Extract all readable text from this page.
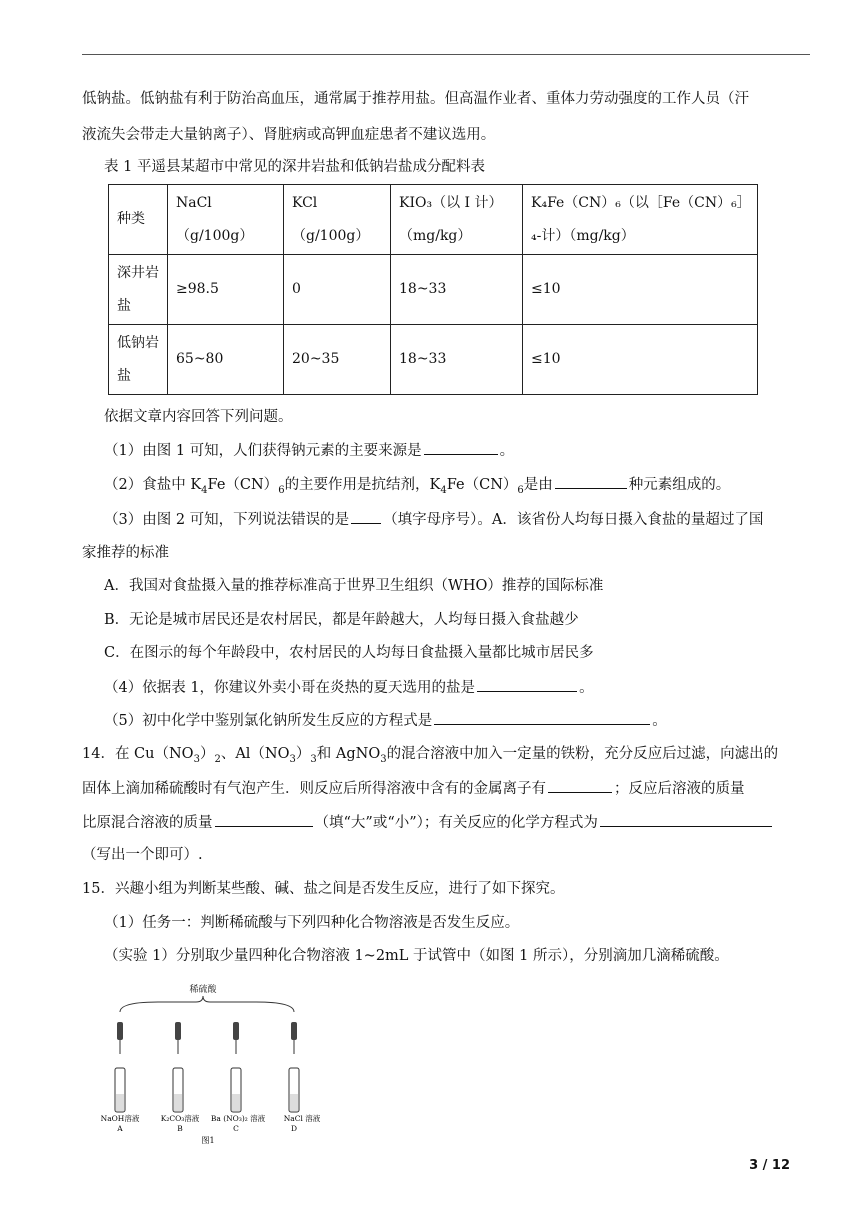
低钠盐。低钠盐有利于防治高血压，通常属于推荐用盐。但高温作业者、重体力劳动强度的工作人员（汗
液流失会带走大量钠离子）、肾脏病或高钾血症患者不建议选用。
表 1 平遥县某超市中常见的深井岩盐和低钠岩盐成分配料表
种类	NaCl（g/100g）	KCl（g/100g）	KIO₃（以 I 计）（mg/kg）	K₄Fe（CN）₆（以［Fe（CN）₆］₄-计）（mg/kg）
深井岩盐	≥98.5	0	18~33	≤10
低钠岩盐	65~80	20~35	18~33	≤10
依据文章内容回答下列问题。
（1）由图 1 可知，人们获得钠元素的主要来源是	。
（2）食盐中 $K_4Fe(CN)_6$的主要作用是抗结剂，$K_4Fe(CN)_6$是由	种元素组成的。
（3）由图 2 可知，下列说法错误的是 （填字母序号）。A．该省份人均每日摄入食盐的量超过了国
家推荐的标准
A．我国对食盐摄入量的推荐标准高于世界卫生组织（WHO）推荐的国际标准
B．无论是城市居民还是农村居民，都是年龄越大，人均每日摄入食盐越少
C．在图示的每个年龄段中，农村居民的人均每日食盐摄入量都比城市居民多
（4）依据表 1，你建议外卖小哥在炎热的夏天选用的盐是	。
（5）初中化学中鉴别氯化钠所发生反应的方程式是	。
14．在 $Cu(NO_3)_2$、$Al(NO_3)_3$和 AgNO$_3$的混合溶液中加入一定量的铁粉，充分反应后过滤，向滤出的
固体上滴加稀硫酸时有气泡产生．则反应后所得溶液中含有的金属离子有	；反应后溶液的质量
比原混合溶液的质量	（填“大”或“小”）；有关反应的化学方程式为
（写出一个即可）.
15．兴趣小组为判断某些酸、碱、盐之间是否发生反应，进行了如下探究。
（1）任务一：判断稀硫酸与下列四种化合物溶液是否发生反应。
（实验 1）分别取少量四种化合物溶液 1~2mL 于试管中（如图 1 所示），分别滴加几滴稀硫酸。
稀硫酸
NaOH溶液
A
K₂CO₃溶液
B
Ba (NO₃)₂ 溶液
C
NaCl 溶液
D
图1
3 / 12
